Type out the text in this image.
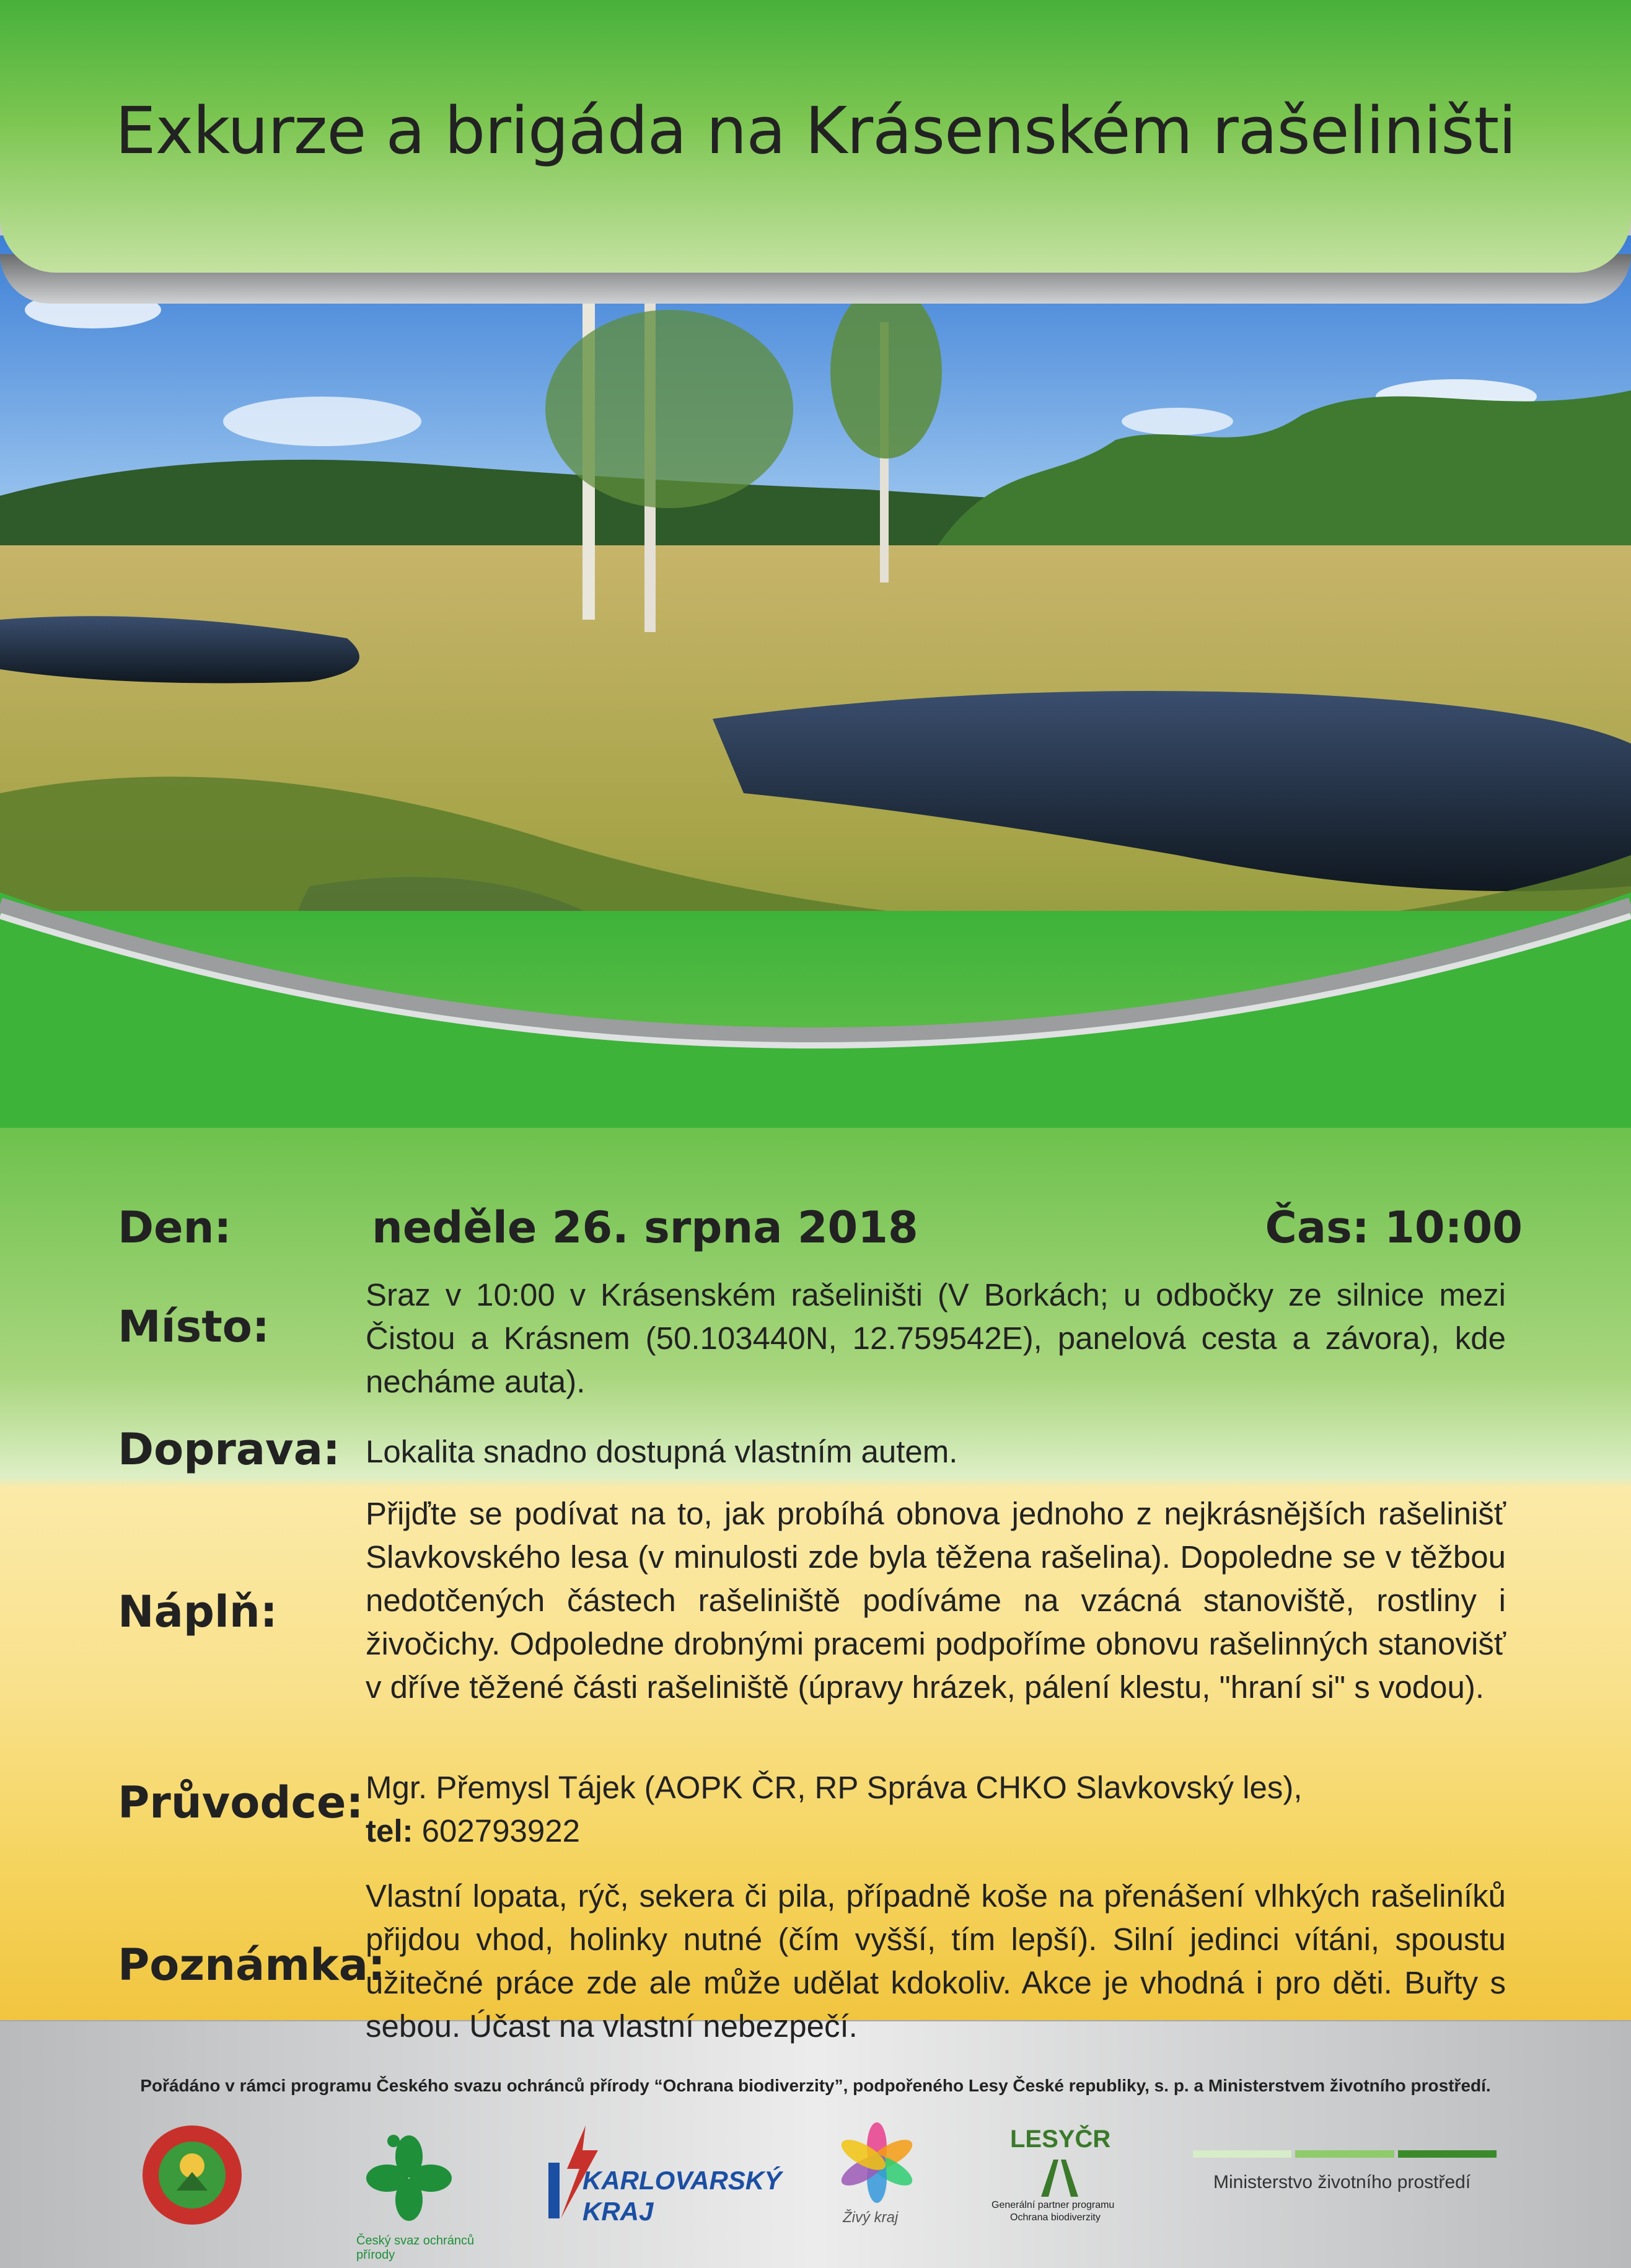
Exkurze a brigáda na Krásenském rašeliništi
Den:	neděle 26. srpna 2018	Čas: 10:00
Místo:
Sraz v 10:00 v Krásenském rašeliništi (V Borkách; u odbočky ze silnice mezi Čistou a Krásnem (50.103440N, 12.759542E), panelová cesta a závora), kde necháme auta).
Doprava: Lokalita snadno dostupná vlastním autem.
Náplň:
Přijďte se podívat na to, jak probíhá obnova jednoho z nejkrásnějších rašelinišť Slavkovského lesa (v minulosti zde byla těžena rašelina). Dopoledne se v těžbou nedotčených částech rašeliniště podíváme na vzácná stanoviště, rostliny i živočichy. Odpoledne drobnými pracemi podpoříme obnovu rašelinných stanovišť v dříve těžené části rašeliniště (úpravy hrázek, pálení klestu, "hraní si" s vodou).
Průvodce: Mgr. Přemysl Tájek (AOPK ČR, RP Správa CHKO Slavkovský les),
tel: 602793922
Poznámka:
Vlastní lopata, rýč, sekera či pila, případně koše na přenášení vlhkých rašeliníků přijdou vhod, holinky nutné (čím vyšší, tím lepší). Silní jedinci vítáni, spoustu užitečné práce zde ale může udělat kdokoliv. Akce je vhodná i pro děti. Buřty s sebou. Účast na vlastní nebezpečí.
Pořádáno v rámci programu Českého svazu ochránců přírody “Ochrana biodiverzity”, podpořeného Lesy České republiky, s. p. a Ministerstvem životního prostředí.
Český svaz ochránců přírody
KARLOVARSKÝ
KRAJ	Živý kraj
LESYČR
Generální partner programu
Ochrana biodiverzity
Ministerstvo životního prostředí
